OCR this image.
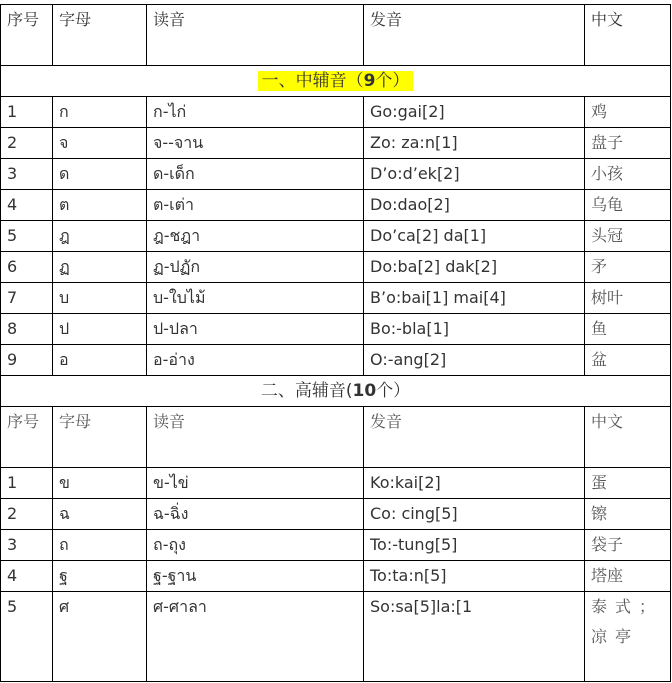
序号	字母	读音	发音	中文
一、中辅音（9个）				
1	ก	ก-ไก่	Go:gai[2]	鸡
2	จ	จ--จาน	Zo: za:n[1]	盘子
3	ด	ด-เด็ก	D’o:d’ek[2]	小孩
4	ต	ต-เต่า	Do:dao[2]	乌龟
5	ฎ	ฎ-ชฎา	Do’ca[2] da[1]	头冠
6	ฏ	ฏ-ปฏัก	Do:ba[2] dak[2]	矛
7	บ	บ-ใบไม้	B’o:bai[1] mai[4]	树叶
8	ป	ป-ปลา	Bo:-bla[1]	鱼
9	อ	อ-อ่าง	O:-ang[2]	盆
二、高辅音(10个）				
序号	字母	读音	发音	中文
1	ข	ข-ไข่	Ko:kai[2]	蛋
2	ฉ	ฉ-ฉิ่ง	Co: cing[5]	镲
3	ถ	ถ-ถุง	To:-tung[5]	袋子
4	ฐ	ฐ-ฐาน	To:ta:n[5]	塔座
5	ศ	ศ-ศาลา	So:sa[5]la:[1	泰式；凉亭
